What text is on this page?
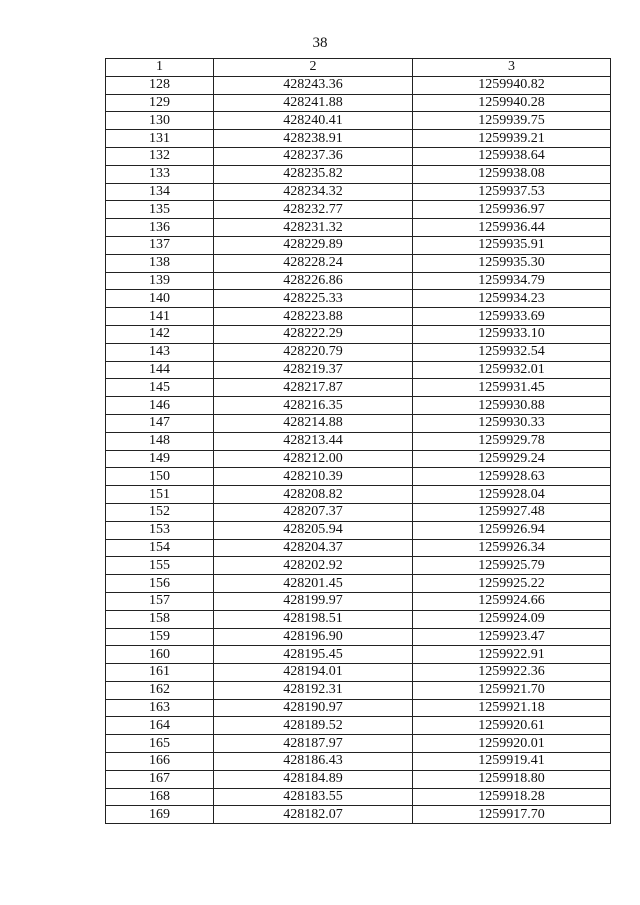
38
1	2	3
128	428243.36	1259940.82
129	428241.88	1259940.28
130	428240.41	1259939.75
131	428238.91	1259939.21
132	428237.36	1259938.64
133	428235.82	1259938.08
134	428234.32	1259937.53
135	428232.77	1259936.97
136	428231.32	1259936.44
137	428229.89	1259935.91
138	428228.24	1259935.30
139	428226.86	1259934.79
140	428225.33	1259934.23
141	428223.88	1259933.69
142	428222.29	1259933.10
143	428220.79	1259932.54
144	428219.37	1259932.01
145	428217.87	1259931.45
146	428216.35	1259930.88
147	428214.88	1259930.33
148	428213.44	1259929.78
149	428212.00	1259929.24
150	428210.39	1259928.63
151	428208.82	1259928.04
152	428207.37	1259927.48
153	428205.94	1259926.94
154	428204.37	1259926.34
155	428202.92	1259925.79
156	428201.45	1259925.22
157	428199.97	1259924.66
158	428198.51	1259924.09
159	428196.90	1259923.47
160	428195.45	1259922.91
161	428194.01	1259922.36
162	428192.31	1259921.70
163	428190.97	1259921.18
164	428189.52	1259920.61
165	428187.97	1259920.01
166	428186.43	1259919.41
167	428184.89	1259918.80
168	428183.55	1259918.28
169	428182.07	1259917.70
